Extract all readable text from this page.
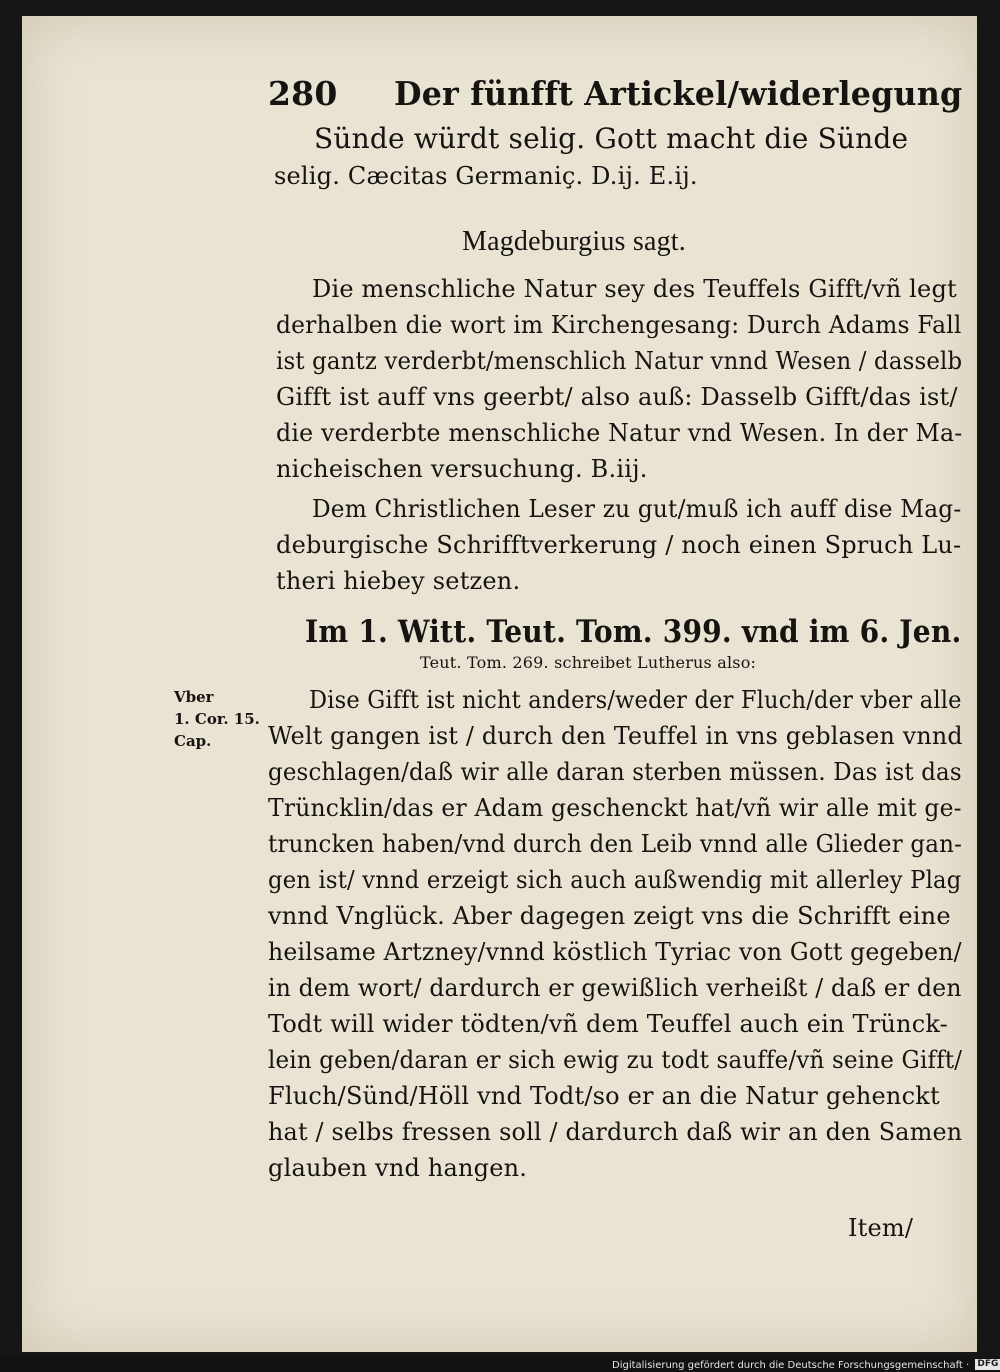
280 Der fünfft Artickel/widerlegung
Sünde würdt selig. Gott macht die Sünde
selig. Cæcitas Germaniç. D.ij. E.ij.
Magdeburgius sagt.
Die menschliche Natur sey des Teuffels Gifft/vñ legt
derhalben die wort im Kirchengesang: Durch Adams Fall
ist gantz verderbt/menschlich Natur vnnd Wesen / dasselb
Gifft ist auff vns geerbt/ also auß: Dasselb Gifft/das ist/
die verderbte menschliche Natur vnd Wesen. In der Ma-
nicheischen versuchung. B.iij.
Dem Christlichen Leser zu gut/muß ich auff dise Mag-
deburgische Schrifftverkerung / noch einen Spruch Lu-
theri hiebey setzen.
Im 1. Witt. Teut. Tom. 399. vnd im 6. Jen.
Teut. Tom. 269. schreibet Lutherus also:
Vber
1. Cor. 15.
Cap.
Dise Gifft ist nicht anders/weder der Fluch/der vber alle
Welt gangen ist / durch den Teuffel in vns geblasen vnnd
geschlagen/daß wir alle daran sterben müssen. Das ist das
Trüncklin/das er Adam geschenckt hat/vñ wir alle mit ge-
truncken haben/vnd durch den Leib vnnd alle Glieder gan-
gen ist/ vnnd erzeigt sich auch außwendig mit allerley Plag
vnnd Vnglück. Aber dagegen zeigt vns die Schrifft eine
heilsame Artzney/vnnd köstlich Tyriac von Gott gegeben/
in dem wort/ dardurch er gewißlich verheißt / daß er den
Todt will wider tödten/vñ dem Teuffel auch ein Trünck-
lein geben/daran er sich ewig zu todt sauffe/vñ seine Gifft/
Fluch/Sünd/Höll vnd Todt/so er an die Natur gehenckt
hat / selbs fressen soll / dardurch daß wir an den Samen
glauben vnd hangen.
Item/
Digitalisierung gefördert durch die Deutsche Forschungsgemeinschaft · DFG
